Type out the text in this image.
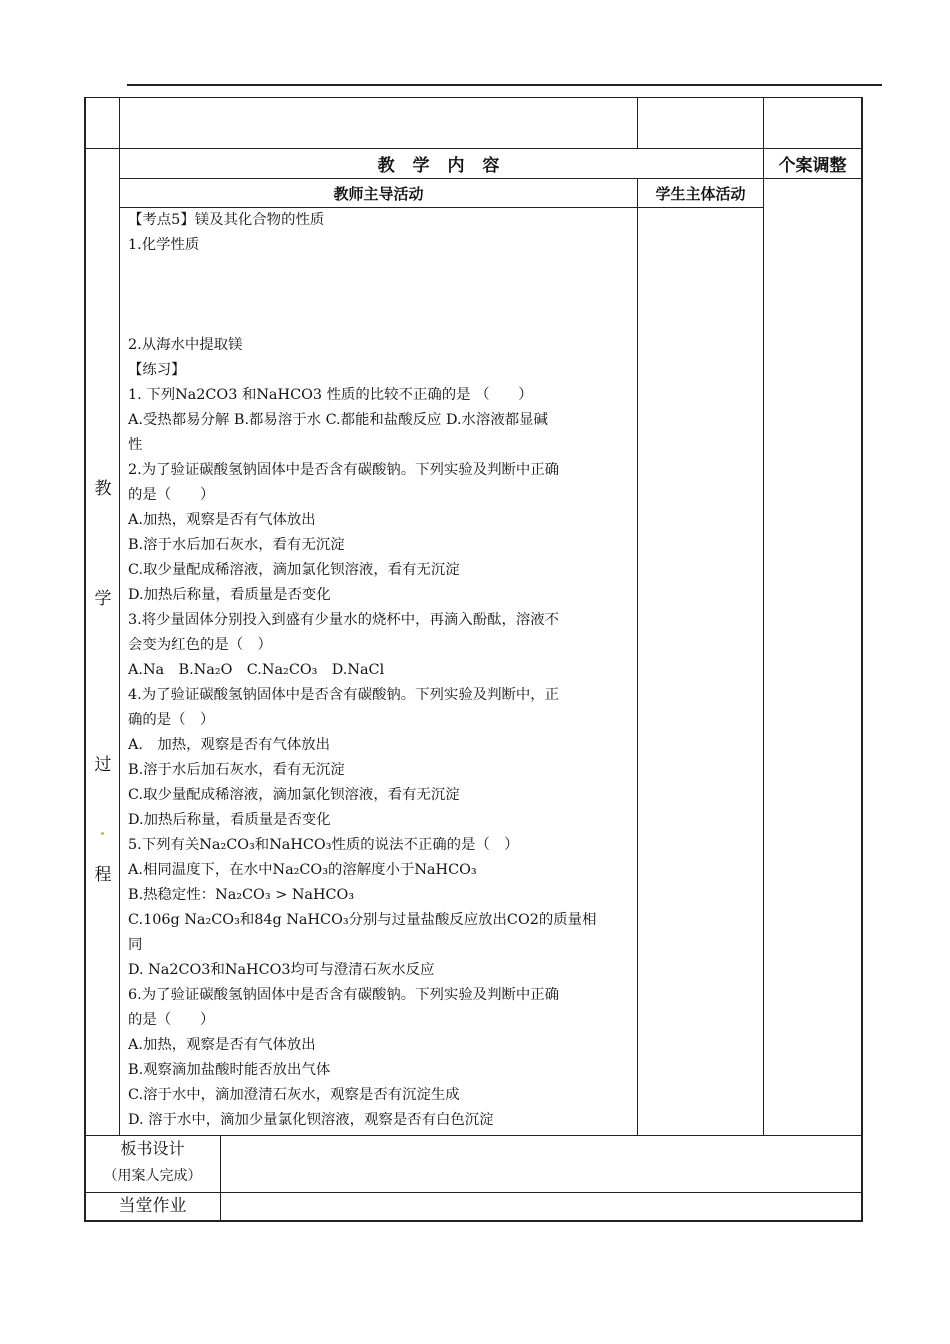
教 学 内 容	个案调整
教师主导活动	学生主体活动
教
学
过
程
【考点5】镁及其化合物的性质
1.化学性质

2.从海水中提取镁
【练习】
1. 下列Na2CO3 和NaHCO3 性质的比较不正确的是 （　　）
A.受热都易分解 B.都易溶于水 C.都能和盐酸反应 D.水溶液都显碱
性
2.为了验证碳酸氢钠固体中是否含有碳酸钠。下列实验及判断中正确
的是（　　）
A.加热，观察是否有气体放出
B.溶于水后加石灰水，看有无沉淀
C.取少量配成稀溶液，滴加氯化钡溶液，看有无沉淀
D.加热后称量，看质量是否变化
3.将少量固体分别投入到盛有少量水的烧杯中，再滴入酚酞，溶液不
会变为红色的是（　）
A.Na　B.Na₂O　C.Na₂CO₃　D.NaCl
4.为了验证碳酸氢钠固体中是否含有碳酸钠。下列实验及判断中，正
确的是（　）
A.　加热，观察是否有气体放出
B.溶于水后加石灰水，看有无沉淀
C.取少量配成稀溶液，滴加氯化钡溶液，看有无沉淀
D.加热后称量，看质量是否变化
5.下列有关Na₂CO₃和NaHCO₃性质的说法不正确的是（　）
A.相同温度下，在水中Na₂CO₃的溶解度小于NaHCO₃
B.热稳定性：Na₂CO₃ > NaHCO₃
C.106g Na₂CO₃和84g NaHCO₃分别与过量盐酸反应放出CO2的质量相
同
D. Na2CO3和NaHCO3均可与澄清石灰水反应
6.为了验证碳酸氢钠固体中是否含有碳酸钠。下列实验及判断中正确
的是（　　）
A.加热，观察是否有气体放出
B.观察滴加盐酸时能否放出气体
C.溶于水中，滴加澄清石灰水，观察是否有沉淀生成
D. 溶于水中，滴加少量氯化钡溶液，观察是否有白色沉淀
板书设计
（用案人完成）
当堂作业
